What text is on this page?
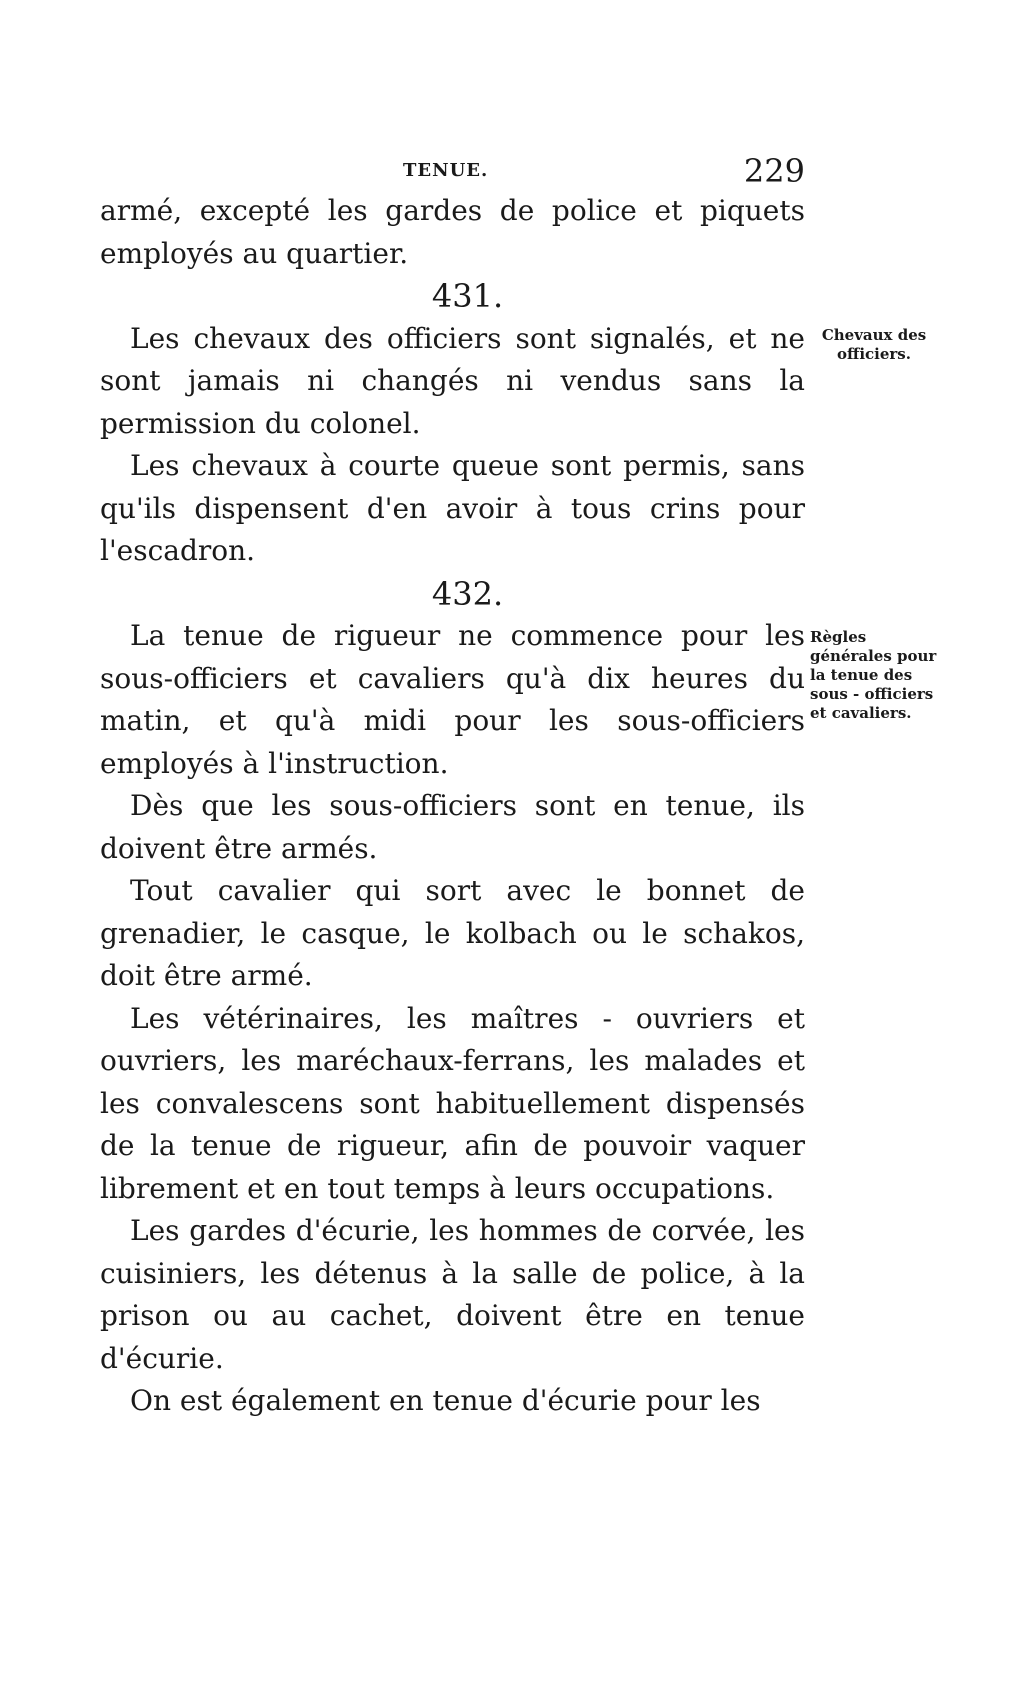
TENUE.	229

armé, excepté les gardes de police et piquets employés au quartier.

431.

Les chevaux des officiers sont signalés, et ne sont jamais ni changés ni vendus sans la permission du colonel.

Les chevaux à courte queue sont permis, sans qu'ils dispensent d'en avoir à tous crins pour l'escadron.

432.

La tenue de rigueur ne commence pour les sous-officiers et cavaliers qu'à dix heures du matin, et qu'à midi pour les sous-officiers employés à l'instruction.

Dès que les sous-officiers sont en tenue, ils doivent être armés.

Tout cavalier qui sort avec le bonnet de grenadier, le casque, le kolbach ou le schakos, doit être armé.

Les vétérinaires, les maîtres - ouvriers et ouvriers, les maréchaux-ferrans, les malades et les convalescens sont habituellement dispensés de la tenue de rigueur, afin de pouvoir vaquer librement et en tout temps à leurs occupations.

Les gardes d'écurie, les hommes de corvée, les cuisiniers, les détenus à la salle de police, à la prison ou au cachet, doivent être en tenue d'écurie.

On est également en tenue d'écurie pour les

Chevaux des officiers.
Règles générales pour la tenue des sous - officiers et cavaliers.
